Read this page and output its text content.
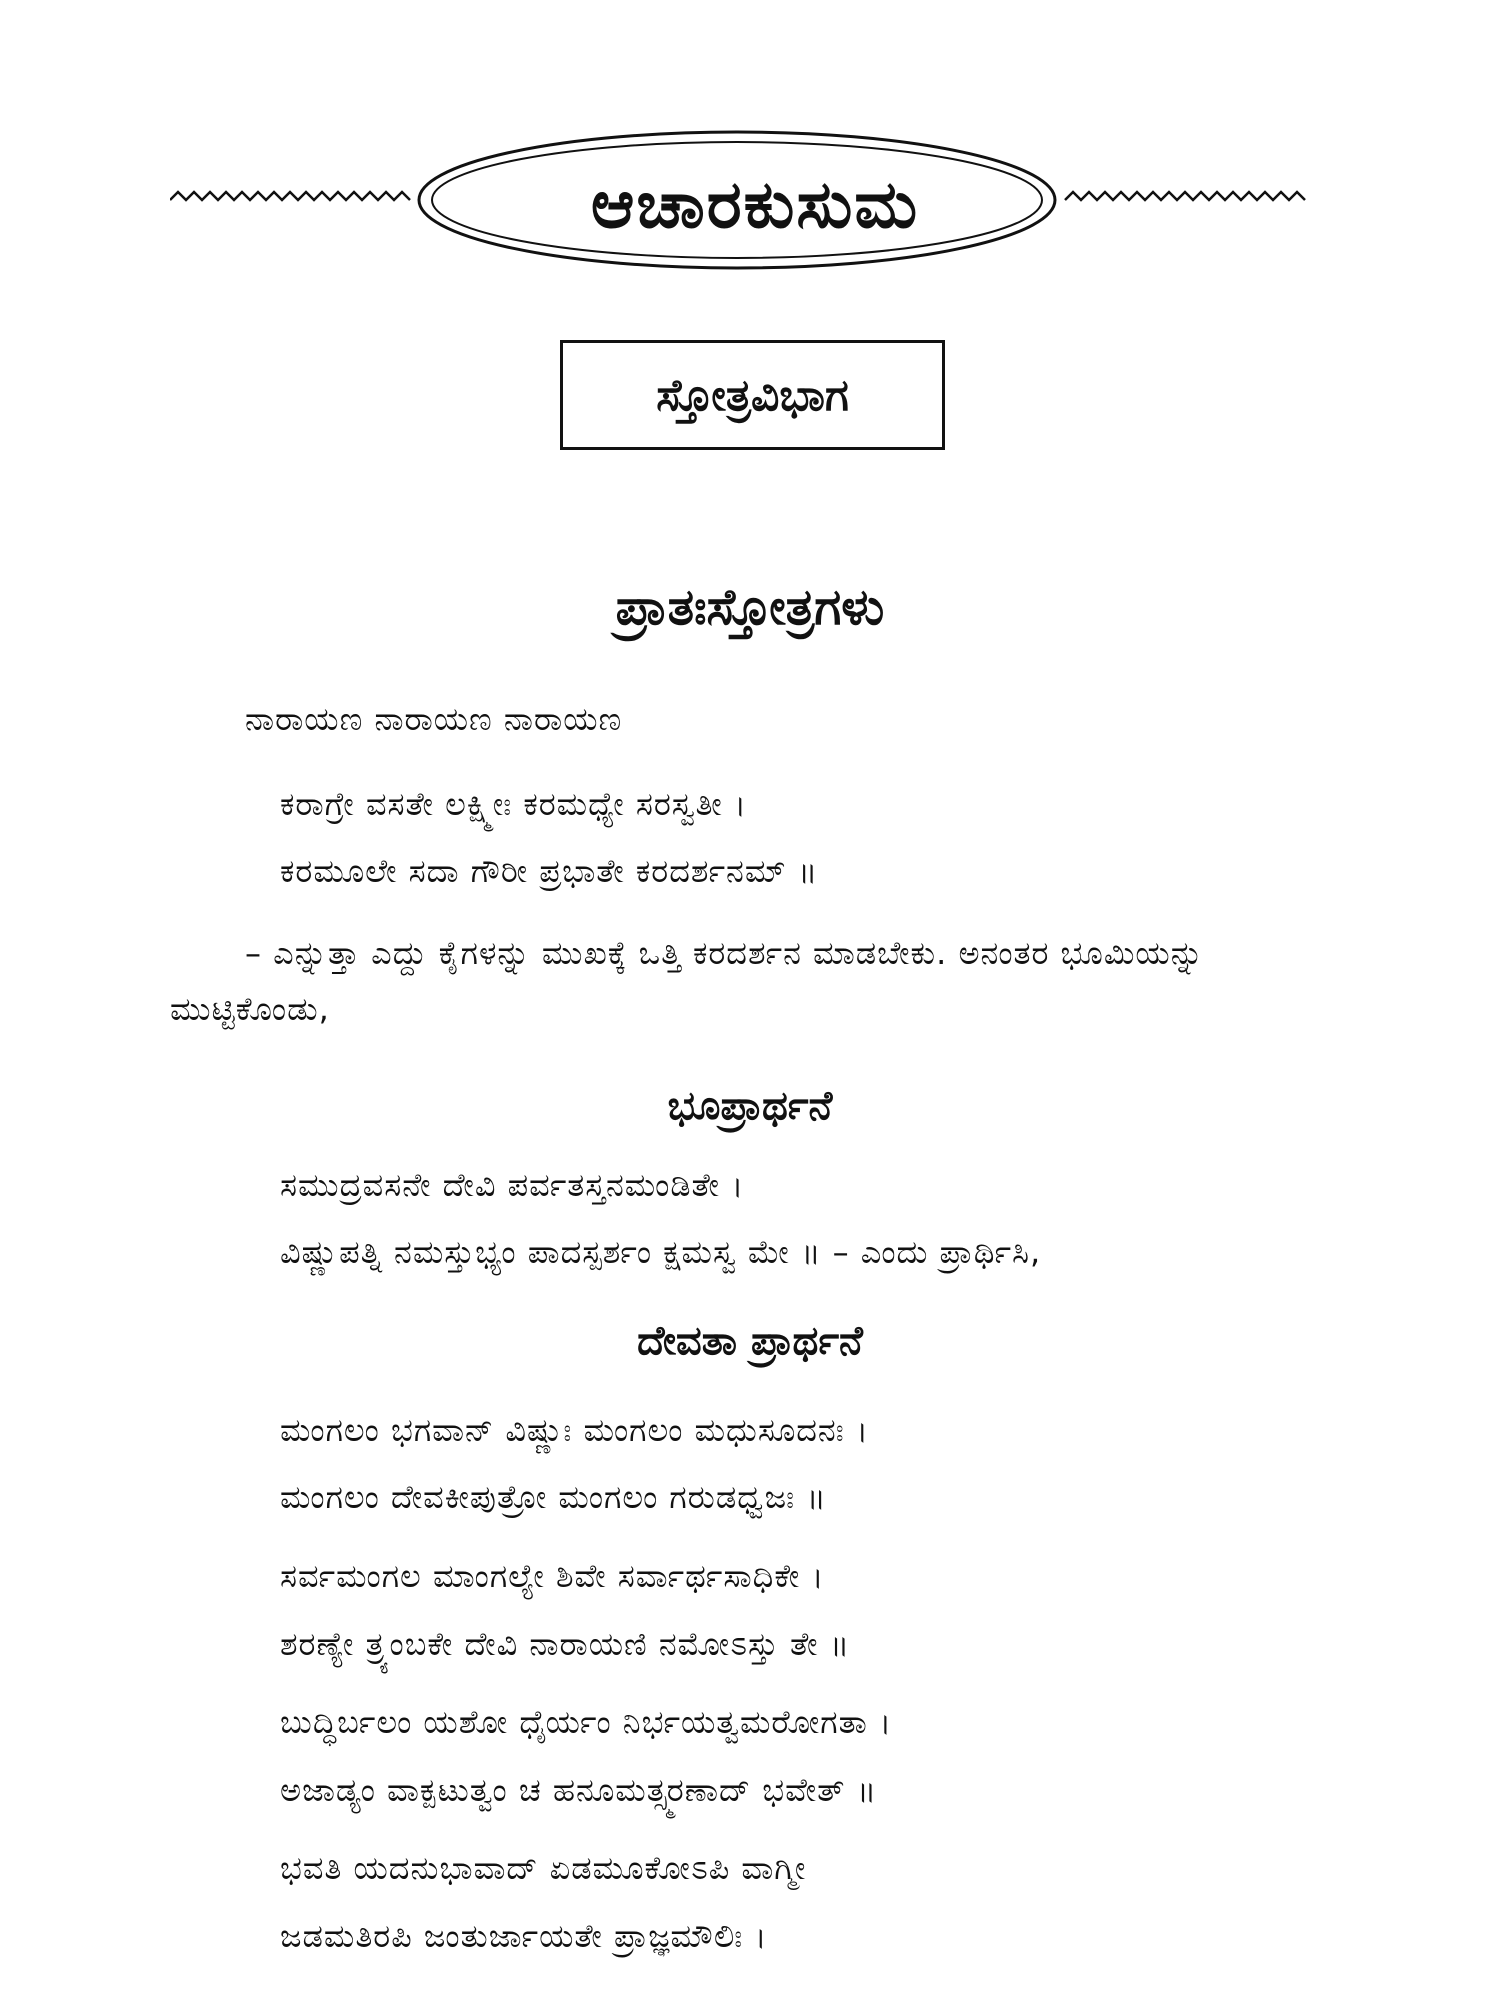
ಆಚಾರಕುಸುಮ
ಸ್ತೋತ್ರವಿಭಾಗ
ಪ್ರಾತಃಸ್ತೋತ್ರಗಳು
ನಾರಾಯಣ ನಾರಾಯಣ ನಾರಾಯಣ
ಕರಾಗ್ರೇ ವಸತೇ ಲಕ್ಷ್ಮೀಃ ಕರಮಧ್ಯೇ ಸರಸ್ವತೀ ।
ಕರಮೂಲೇ ಸದಾ ಗೌರೀ ಪ್ರಭಾತೇ ಕರದರ್ಶನಮ್ ॥
– ಎನ್ನುತ್ತಾ ಎದ್ದು ಕೈಗಳನ್ನು ಮುಖಕ್ಕೆ ಒತ್ತಿ ಕರದರ್ಶನ ಮಾಡಬೇಕು. ಅನಂತರ ಭೂಮಿಯನ್ನು ಮುಟ್ಟಿಕೊಂಡು,
ಭೂಪ್ರಾರ್ಥನೆ
ಸಮುದ್ರವಸನೇ ದೇವಿ ಪರ್ವತಸ್ತನಮಂಡಿತೇ ।
ವಿಷ್ಣುಪತ್ನಿ ನಮಸ್ತುಭ್ಯಂ ಪಾದಸ್ಪರ್ಶಂ ಕ್ಷಮಸ್ವ ಮೇ ॥ – ಎಂದು ಪ್ರಾರ್ಥಿಸಿ,
ದೇವತಾ ಪ್ರಾರ್ಥನೆ
ಮಂಗಲಂ ಭಗವಾನ್ ವಿಷ್ಣುಃ ಮಂಗಲಂ ಮಧುಸೂದನಃ ।
ಮಂಗಲಂ ದೇವಕೀಪುತ್ರೋ ಮಂಗಲಂ ಗರುಡಧ್ವಜಃ ॥
ಸರ್ವಮಂಗಲ ಮಾಂಗಲ್ಯೇ ಶಿವೇ ಸರ್ವಾರ್ಥಸಾಧಿಕೇ ।
ಶರಣ್ಯೇ ತ್ರ್ಯಂಬಕೇ ದೇವಿ ನಾರಾಯಣಿ ನಮೋಽಸ್ತು ತೇ ॥
ಬುದ್ಧಿರ್ಬಲಂ ಯಶೋ ಧೈರ್ಯಂ ನಿರ್ಭಯತ್ವಮರೋಗತಾ ।
ಅಜಾಡ್ಯಂ ವಾಕ್ಪಟುತ್ವಂ ಚ ಹನೂಮತ್ಸ್ಮರಣಾದ್ ಭವೇತ್ ॥
ಭವತಿ ಯದನುಭಾವಾದ್ ಏಡಮೂಕೋಽಪಿ ವಾಗ್ಮೀ
ಜಡಮತಿರಪಿ ಜಂತುರ್ಜಾಯತೇ ಪ್ರಾಜ್ಞಮೌಲಿಃ ।
